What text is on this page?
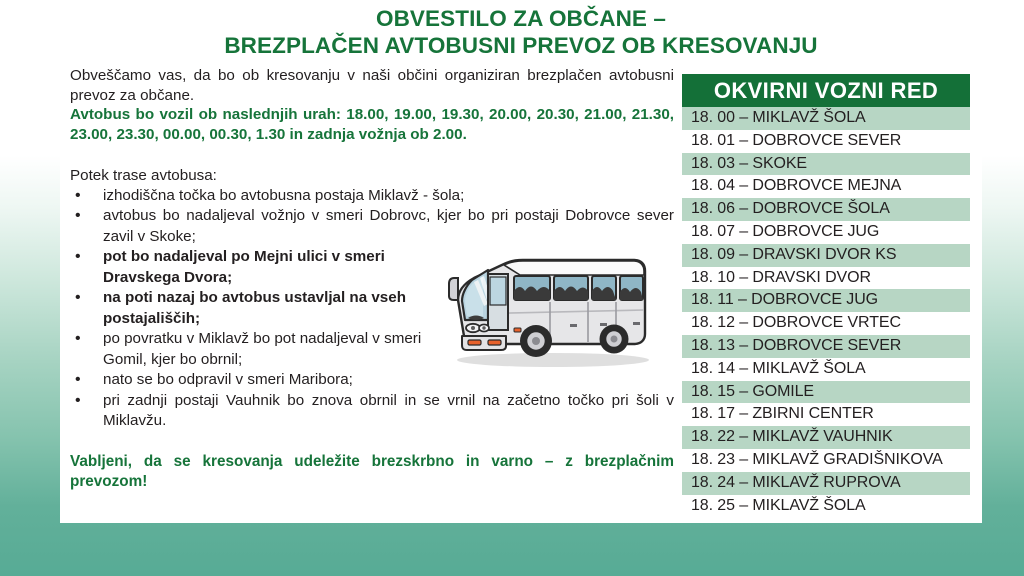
OBVESTILO ZA OBČANE –
BREZPLAČEN AVTOBUSNI PREVOZ OB KRESOVANJU

Obveščamo vas, da bo ob kresovanju v naši občini organiziran brezplačen avtobusni prevoz za občane.

Avtobus bo vozil ob naslednjih urah: 18.00, 19.00, 19.30, 20.00, 20.30, 21.00, 21.30, 23.00, 23.30, 00.00, 00.30, 1.30 in zadnja vožnja ob 2.00.

Potek trase avtobusa:

•	izhodiščna točka bo avtobusna postaja Miklavž - šola;
•	avtobus bo nadaljeval vožnjo v smeri Dobrovc, kjer bo pri postaji Dobrovce sever zavil v Skoke;
•	pot bo nadaljeval po Mejni ulici v smeri Dravskega Dvora;
•	na poti nazaj bo avtobus ustavljal na vseh postajališčih;
•	po povratku v Miklavž bo pot nadaljeval v smeri Gomil, kjer bo obrnil;
•	nato se bo odpravil v smeri Maribora;
•	pri zadnji postaji Vauhnik bo znova obrnil in se vrnil na začetno točko pri šoli v Miklavžu.
Vabljeni, da se kresovanja udeležite brezskrbno in varno – z brezplačnim prevozom!
OKVIRNI VOZNI RED
18. 00 – MIKLAVŽ ŠOLA
18. 01 – DOBROVCE SEVER
18. 03 – SKOKE
18. 04 – DOBROVCE MEJNA
18. 06 – DOBROVCE ŠOLA
18. 07 – DOBROVCE JUG
18. 09 – DRAVSKI DVOR KS
18. 10 – DRAVSKI DVOR
18. 11 – DOBROVCE JUG
18. 12 – DOBROVCE VRTEC
18. 13 – DOBROVCE SEVER
18. 14 – MIKLAVŽ ŠOLA
18. 15 – GOMILE
18. 17 – ZBIRNI CENTER
18. 22 – MIKLAVŽ VAUHNIK
18. 23 – MIKLAVŽ GRADIŠNIKOVA
18. 24 – MIKLAVŽ RUPROVA
18. 25 – MIKLAVŽ ŠOLA
